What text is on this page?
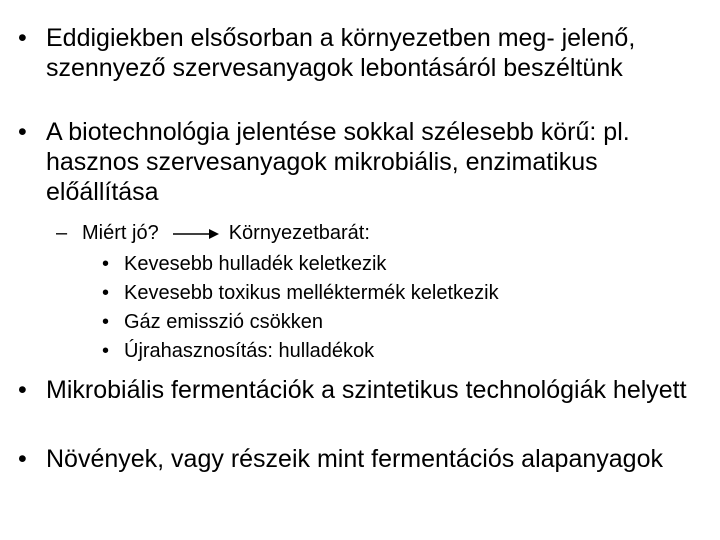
• Eddigiekben elsősorban a környezetben meg- jelenő, szennyező szervesanyagok lebontásáról beszéltünk
• A biotechnológia jelentése sokkal szélesebb körű: pl. hasznos szervesanyagok mikrobiális, enzimatikus előállítása
– Miért jó?	Környezetbarát:
• Kevesebb hulladék keletkezik
• Kevesebb toxikus melléktermék keletkezik
• Gáz emisszió csökken
• Újrahasznosítás: hulladékok
• Mikrobiális fermentációk a szintetikus technológiák helyett
• Növények, vagy részeik mint fermentációs alapanyagok
